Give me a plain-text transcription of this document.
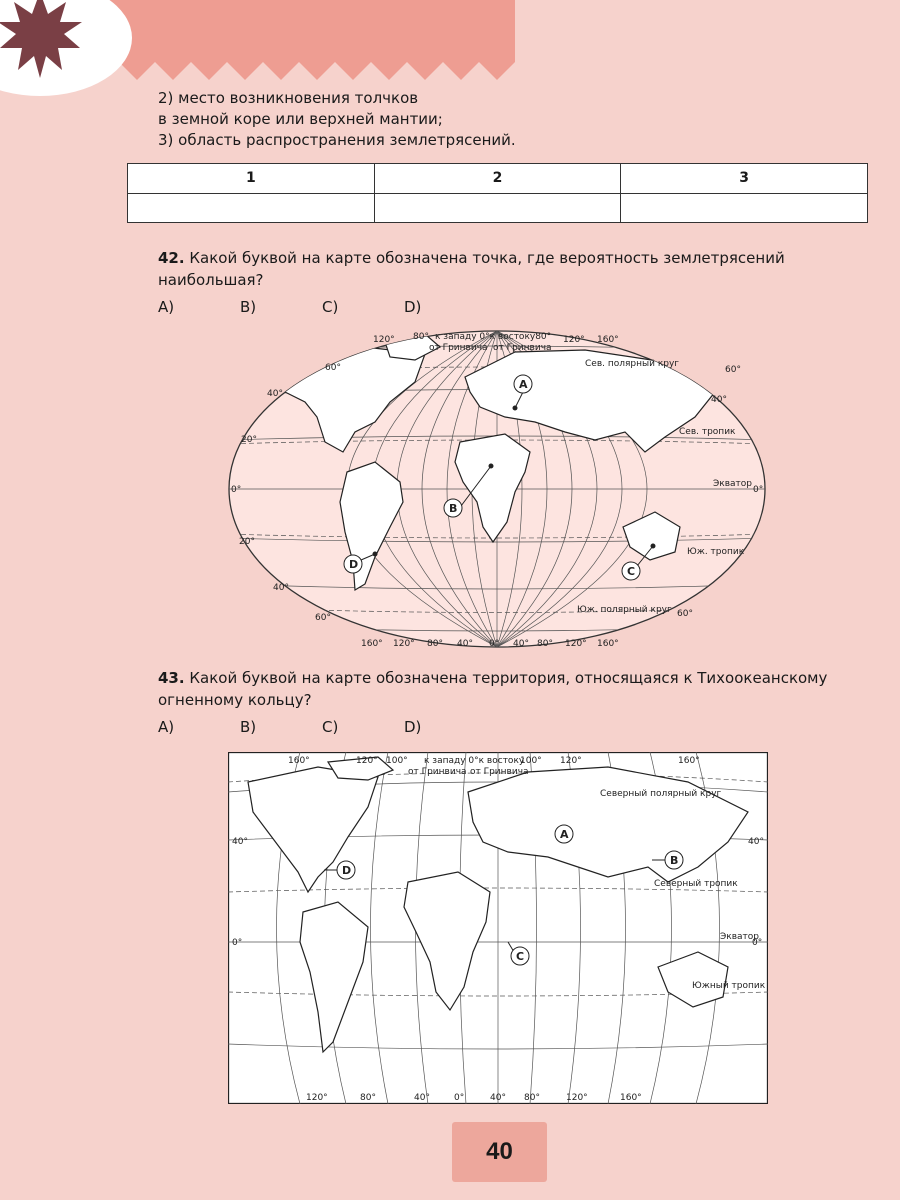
2) место возникновения толчков
в земной коре или верхней мантии;
3) область распространения землетрясений.
1	2	3

42. Какой буквой на карте обозначена точка, где вероятность землетрясений наибольшая?
A)	B)	C)	D)
120° 80° к западу 0°к востоку80°
от Гринвича от Гринвича
120° 160°
60°
40°
20°
0°
20°
40°
60°
60°
40°
0°
60°
Сев. полярный круг
Сев. тропик
Экватор
Юж. тропик
Юж. полярный круг
160° 120° 80° 40° 0° 40° 80° 120° 160°
A
B
C
D
43. Какой буквой на карте обозначена территория, относящаяся к Тихоокеанскому огненному кольцу?
A)	B)	C)	D)
160°	120° 100° к западу 0°к востоку
от Гринвича от Гринвича
100° 120°	160°
40°
0°
40°
0°
Северный полярный круг
Северный тропик
Экватор
Южный тропик
120°	80°	40°	0°	40° 80°	120°	160°
A
B
C
D
40
